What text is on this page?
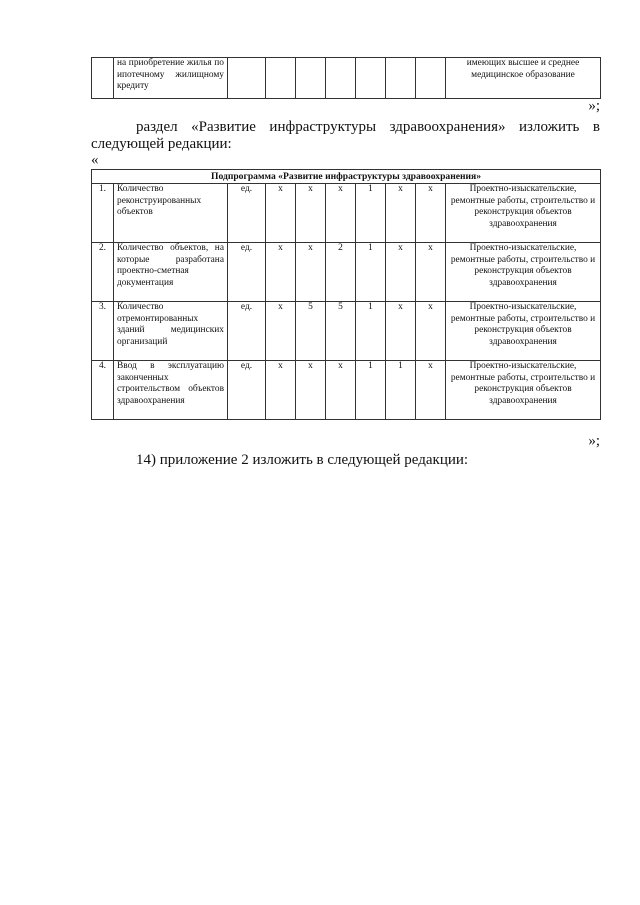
	на приобретение жилья по ипотечному жилищному кредиту								имеющих высшее и среднее медицинское образование
»;

раздел «Развитие инфраструктуры здравоохранения» изложить в

следующей редакции:

«

Подпрограмма «Развитие инфраструктуры здравоохранения»									
1.	Количество реконструированных объектов	ед.	x	x	x	1	x	x	Проектно-изыскательские, ремонтные работы, строительство и реконструкция объектов здравоохранения
2.	Количество объектов, на которые разработана проектно-сметная документация	ед.	x	x	2	1	x	x	Проектно-изыскательские, ремонтные работы, строительство и реконструкция объектов здравоохранения
3.	Количество отремонтированных зданий медицинских организаций	ед.	x	5	5	1	x	x	Проектно-изыскательские, ремонтные работы, строительство и реконструкция объектов здравоохранения
4.	Ввод в эксплуатацию законченных строительством объектов здравоохранения	ед.	x	x	x	1	1	x	Проектно-изыскательские, ремонтные работы, строительство и реконструкция объектов здравоохранения
»;

14) приложение 2 изложить в следующей редакции:
